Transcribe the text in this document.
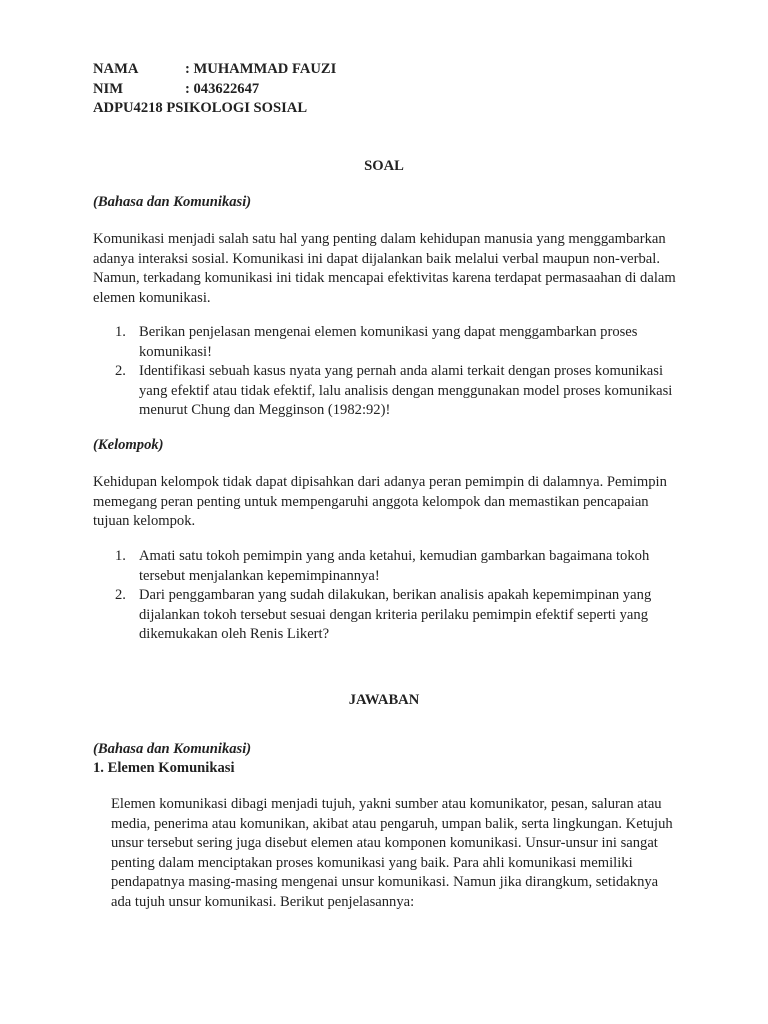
NAMA	: MUHAMMAD FAUZI
NIM	: 043622647
ADPU4218 PSIKOLOGI SOSIAL
SOAL
(Bahasa dan Komunikasi)

Komunikasi menjadi salah satu hal yang penting dalam kehidupan manusia yang menggambarkan adanya interaksi sosial. Komunikasi ini dapat dijalankan baik melalui verbal maupun non-verbal. Namun, terkadang komunikasi ini tidak mencapai efektivitas karena terdapat permasaahan di dalam elemen komunikasi.

1. Berikan penjelasan mengenai elemen komunikasi yang dapat menggambarkan proses komunikasi!
2. Identifikasi sebuah kasus nyata yang pernah anda alami terkait dengan proses komunikasi yang efektif atau tidak efektif, lalu analisis dengan menggunakan model proses komunikasi menurut Chung dan Megginson (1982:92)!
(Kelompok)

Kehidupan kelompok tidak dapat dipisahkan dari adanya peran pemimpin di dalamnya. Pemimpin memegang peran penting untuk mempengaruhi anggota kelompok dan memastikan pencapaian tujuan kelompok.

1. Amati satu tokoh pemimpin yang anda ketahui, kemudian gambarkan bagaimana tokoh tersebut menjalankan kepemimpinannya!
2. Dari penggambaran yang sudah dilakukan, berikan analisis apakah kepemimpinan yang dijalankan tokoh tersebut sesuai dengan kriteria perilaku pemimpin efektif seperti yang dikemukakan oleh Renis Likert?
JAWABAN
(Bahasa dan Komunikasi)
1. Elemen Komunikasi

Elemen komunikasi dibagi menjadi tujuh, yakni sumber atau komunikator, pesan, saluran atau media, penerima atau komunikan, akibat atau pengaruh, umpan balik, serta lingkungan. Ketujuh unsur tersebut sering juga disebut elemen atau komponen komunikasi. Unsur-unsur ini sangat penting dalam menciptakan proses komunikasi yang baik. Para ahli komunikasi memiliki pendapatnya masing-masing mengenai unsur komunikasi. Namun jika dirangkum, setidaknya ada tujuh unsur komunikasi. Berikut penjelasannya:
